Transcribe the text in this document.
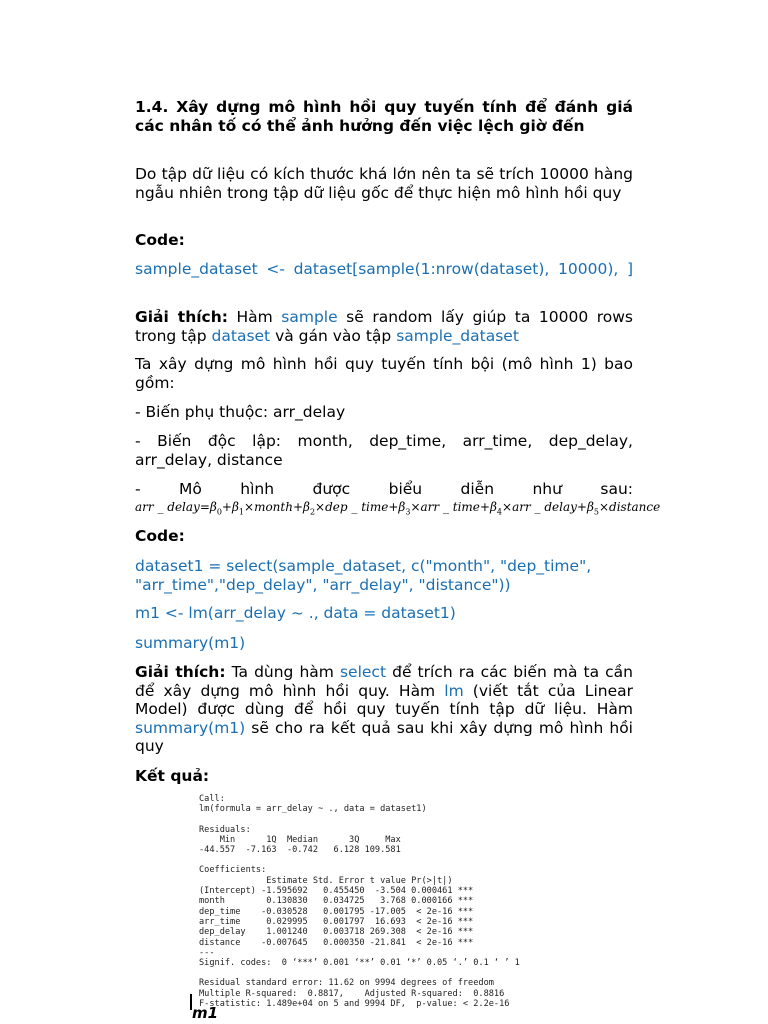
1.4. Xây dựng mô hình hồi quy tuyến tính để đánh giá các nhân tố có thể ảnh hưởng đến việc lệch giờ đến
Do tập dữ liệu có kích thước khá lớn nên ta sẽ trích 10000 hàng ngẫu nhiên trong tập dữ liệu gốc để thực hiện mô hình hồi quy
Code:
sample_dataset <- dataset[sample(1:nrow(dataset), 10000), ]
Giải thích: Hàm sample sẽ random lấy giúp ta 10000 rows trong tập dataset và gán vào tập sample_dataset
Ta xây dựng mô hình hồi quy tuyến tính bội (mô hình 1) bao gồm:
- Biến phụ thuộc: arr_delay
- Biến độc lập: month, dep_time, arr_time, dep_delay, arr_delay, distance
- Mô hình được biểu diễn như sau:
arr _ $delay=\beta_0+\beta_1\times month+\beta_2\times dep$ _ $time+\beta_3\times arr$ _ $time+\beta_4\times arr$ _ $delay+\beta_5\times distance$
Code:
dataset1 = select(sample_dataset, c("month", "dep_time", "arr_time","dep_delay", "arr_delay", "distance"))
m1 <- lm(arr_delay ~ ., data = dataset1)
summary(m1)
Giải thích: Ta dùng hàm select để trích ra các biến mà ta cần để xây dựng mô hình hồi quy. Hàm lm (viết tắt của Linear Model) được dùng để hồi quy tuyến tính tập dữ liệu. Hàm summary(m1) sẽ cho ra kết quả sau khi xây dựng mô hình hồi quy
Kết quả:
Call:
lm(formula = arr_delay ~ ., data = dataset1)
Residuals:
Min      1Q  Median      3Q     Max
-44.557  -7.163  -0.742   6.128 109.581
Coefficients:
Estimate Std. Error t value Pr(>|t|)
(Intercept) -1.595692   0.455450  -3.504 0.000461 ***
month        0.130830   0.034725   3.768 0.000166 ***
dep_time    -0.030528   0.001795 -17.005  < 2e-16 ***
arr_time     0.029995   0.001797  16.693  < 2e-16 ***
dep_delay    1.001240   0.003718 269.308  < 2e-16 ***
distance    -0.007645   0.000350 -21.841  < 2e-16 ***
---
Signif. codes:  0 ‘***’ 0.001 ‘**’ 0.01 ‘*’ 0.05 ‘.’ 0.1 ‘ ’ 1
Residual standard error: 11.62 on 9994 degrees of freedom
Multiple R-squared:  0.8817,	Adjusted R-squared:  0.8816
F-statistic: 1.489e+04 on 5 and 9994 DF,  p-value: < 2.2e-16
m1
